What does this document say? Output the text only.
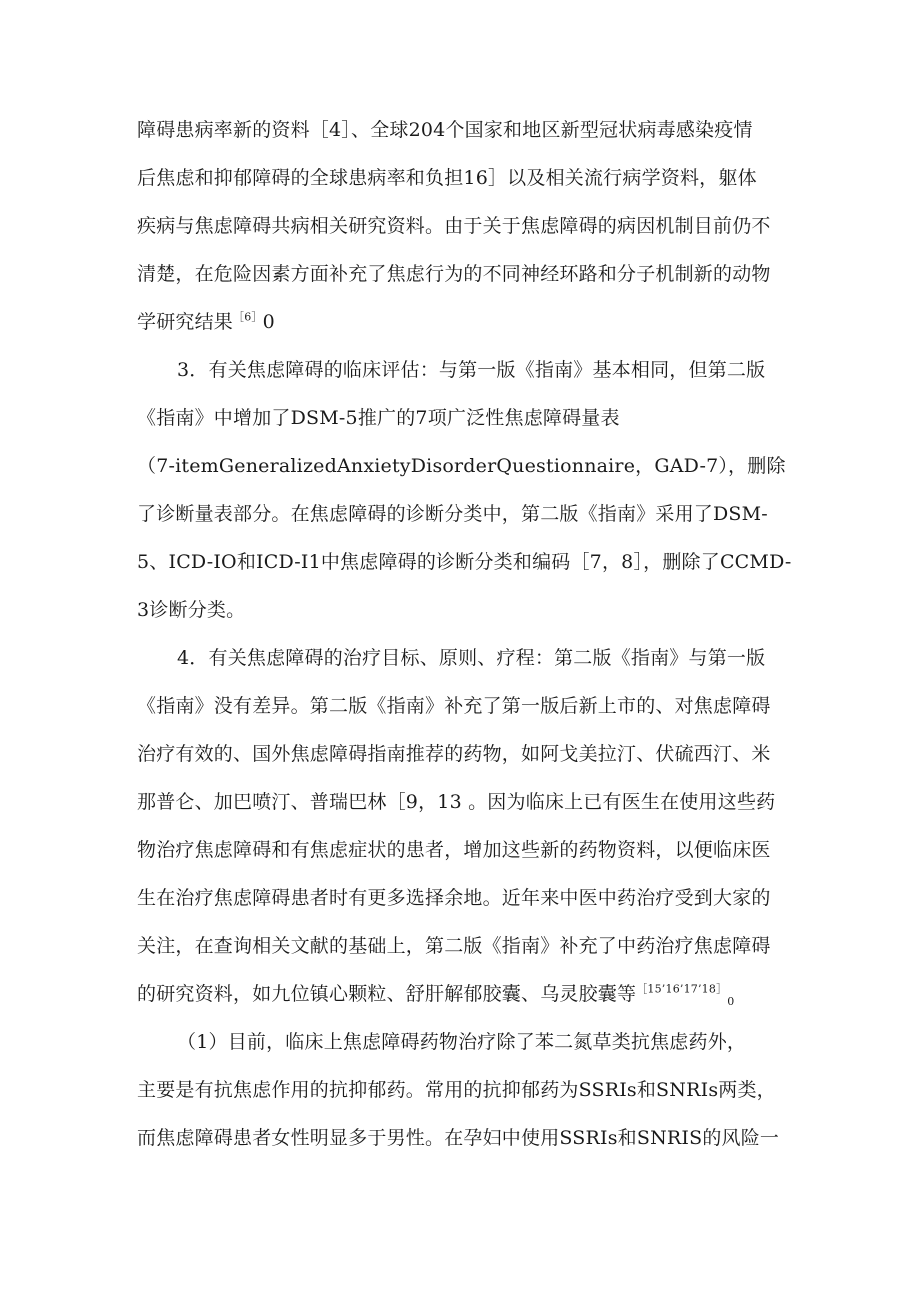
障碍患病率新的资料［4］、全球204个国家和地区新型冠状病毒感染疫情
后焦虑和抑郁障碍的全球患病率和负担16］以及相关流行病学资料，躯体
疾病与焦虑障碍共病相关研究资料。由于关于焦虑障碍的病因机制目前仍不
清楚，在危险因素方面补充了焦虑行为的不同神经环路和分子机制新的动物
学研究结果$^{[6]}$0
3．有关焦虑障碍的临床评估：与第一版《指南》基本相同，但第二版
《指南》中增加了DSM-5推广的7项广泛性焦虑障碍量表
（7-itemGeneralizedAnxietyDisorderQuestionnaire，GAD-7），删除
了诊断量表部分。在焦虑障碍的诊断分类中，第二版《指南》采用了DSM-
5、ICD-IO和ICD-I1中焦虑障碍的诊断分类和编码［7，8］，删除了CCMD-
3诊断分类。
4．有关焦虑障碍的治疗目标、原则、疗程：第二版《指南》与第一版
《指南》没有差异。第二版《指南》补充了第一版后新上市的、对焦虑障碍
治疗有效的、国外焦虑障碍指南推荐的药物，如阿戈美拉汀、伏硫西汀、米
那普仑、加巴喷汀、普瑞巴林［9，13 。因为临床上已有医生在使用这些药
物治疗焦虑障碍和有焦虑症状的患者，增加这些新的药物资料，以便临床医
生在治疗焦虑障碍患者时有更多选择余地。近年来中医中药治疗受到大家的
关注，在查询相关文献的基础上，第二版《指南》补充了中药治疗焦虑障碍
的研究资料，如九位镇心颗粒、舒肝解郁胶囊、乌灵胶囊等$^{[15’16’17’18]}_0$
（1）目前，临床上焦虑障碍药物治疗除了苯二氮草类抗焦虑药外，
主要是有抗焦虑作用的抗抑郁药。常用的抗抑郁药为SSRIs和SNRIs两类，
而焦虑障碍患者女性明显多于男性。在孕妇中使用SSRIs和SNRIS的风险一
